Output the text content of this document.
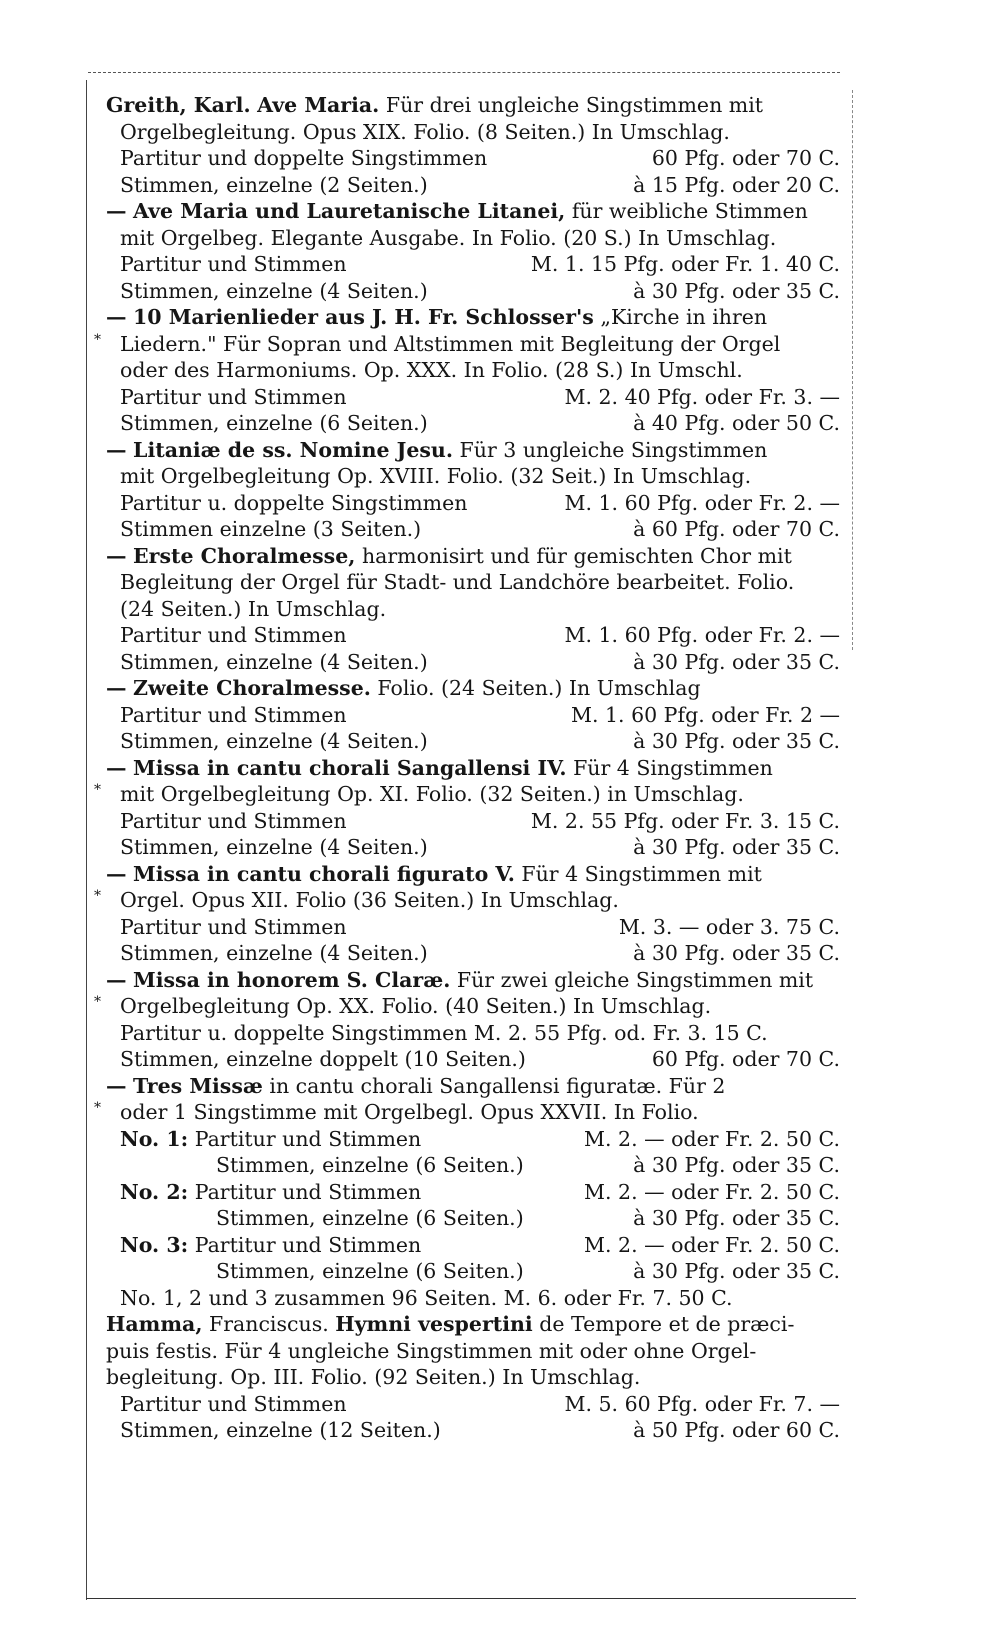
Greith, Karl. Ave Maria. Für drei ungleiche Singstimmen mit
Orgelbegleitung. Opus XIX. Folio. (8 Seiten.) In Umschlag.
Partitur und doppelte Singstimmen	60 Pfg. oder 70 C.
Stimmen, einzelne (2 Seiten.)	à 15 Pfg. oder 20 C.
— Ave Maria und Lauretanische Litanei, für weibliche Stimmen
mit Orgelbeg. Elegante Ausgabe. In Folio. (20 S.) In Umschlag.
Partitur und Stimmen	M. 1. 15 Pfg. oder Fr. 1. 40 C.
Stimmen, einzelne (4 Seiten.)	à 30 Pfg. oder 35 C.
— 10 Marienlieder aus J. H. Fr. Schlosser's „Kirche in ihren
* Liedern." Für Sopran und Altstimmen mit Begleitung der Orgel
oder des Harmoniums. Op. XXX. In Folio. (28 S.) In Umschl.
Partitur und Stimmen	M. 2. 40 Pfg. oder Fr. 3. —
Stimmen, einzelne (6 Seiten.)	à 40 Pfg. oder 50 C.
— Litaniæ de ss. Nomine Jesu. Für 3 ungleiche Singstimmen
mit Orgelbegleitung Op. XVIII. Folio. (32 Seit.) In Umschlag.
Partitur u. doppelte Singstimmen	M. 1. 60 Pfg. oder Fr. 2. —
Stimmen einzelne (3 Seiten.)	à 60 Pfg. oder 70 C.
— Erste Choralmesse, harmonisirt und für gemischten Chor mit
Begleitung der Orgel für Stadt- und Landchöre bearbeitet. Folio.
(24 Seiten.) In Umschlag.
Partitur und Stimmen	M. 1. 60 Pfg. oder Fr. 2. —
Stimmen, einzelne (4 Seiten.)	à 30 Pfg. oder 35 C.
— Zweite Choralmesse. Folio. (24 Seiten.) In Umschlag
Partitur und Stimmen	M. 1. 60 Pfg. oder Fr. 2 —
Stimmen, einzelne (4 Seiten.)	à 30 Pfg. oder 35 C.
— Missa in cantu chorali Sangallensi IV. Für 4 Singstimmen
* mit Orgelbegleitung Op. XI. Folio. (32 Seiten.) in Umschlag.
Partitur und Stimmen	M. 2. 55 Pfg. oder Fr. 3. 15 C.
Stimmen, einzelne (4 Seiten.)	à 30 Pfg. oder 35 C.
— Missa in cantu chorali figurato V. Für 4 Singstimmen mit
* Orgel. Opus XII. Folio (36 Seiten.) In Umschlag.
Partitur und Stimmen	M. 3. — oder 3. 75 C.
Stimmen, einzelne (4 Seiten.)	à 30 Pfg. oder 35 C.
— Missa in honorem S. Claræ. Für zwei gleiche Singstimmen mit
* Orgelbegleitung Op. XX. Folio. (40 Seiten.) In Umschlag.
Partitur u. doppelte Singstimmen M. 2. 55 Pfg. od. Fr. 3. 15 C.
Stimmen, einzelne doppelt (10 Seiten.)	60 Pfg. oder 70 C.
— Tres Missæ in cantu chorali Sangallensi figuratæ. Für 2
* oder 1 Singstimme mit Orgelbegl. Opus XXVII. In Folio.
No. 1: Partitur und Stimmen	M. 2. — oder Fr. 2. 50 C.
Stimmen, einzelne (6 Seiten.)	à 30 Pfg. oder 35 C.
No. 2: Partitur und Stimmen	M. 2. — oder Fr. 2. 50 C.
Stimmen, einzelne (6 Seiten.)	à 30 Pfg. oder 35 C.
No. 3: Partitur und Stimmen	M. 2. — oder Fr. 2. 50 C.
Stimmen, einzelne (6 Seiten.)	à 30 Pfg. oder 35 C.
No. 1, 2 und 3 zusammen 96 Seiten. M. 6. oder Fr. 7. 50 C.
Hamma, Franciscus. Hymni vespertini de Tempore et de præci-
puis festis. Für 4 ungleiche Singstimmen mit oder ohne Orgel-
begleitung. Op. III. Folio. (92 Seiten.) In Umschlag.
Partitur und Stimmen	M. 5. 60 Pfg. oder Fr. 7. —
Stimmen, einzelne (12 Seiten.)	à 50 Pfg. oder 60 C.
